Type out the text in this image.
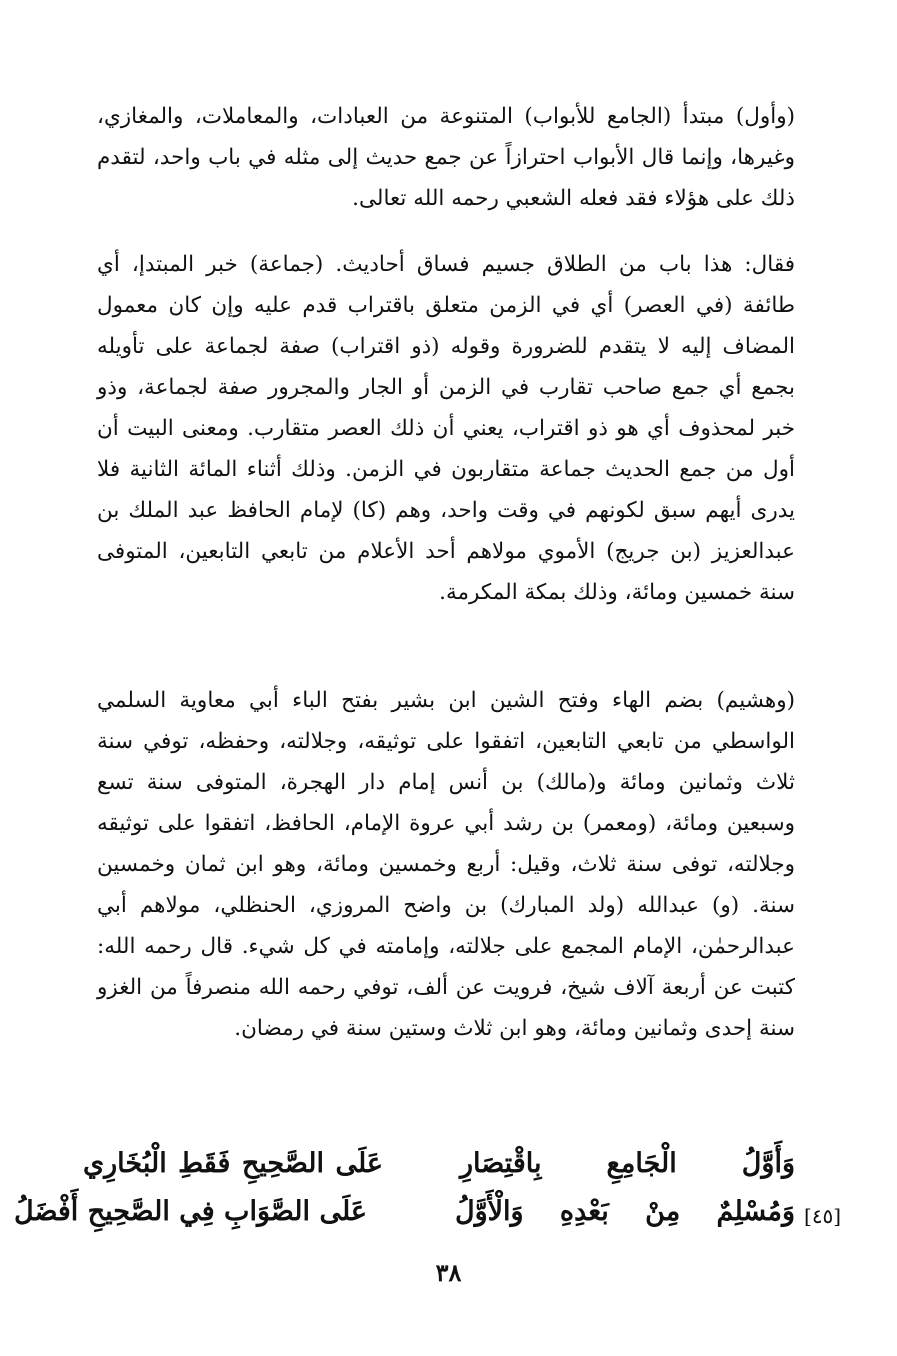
(وأول) مبتدأ (الجامع للأبواب) المتنوعة من العبادات، والمعاملات، والمغازي، وغيرها، وإنما قال الأبواب احترازاً عن جمع حديث إلى مثله في باب واحد، لتقدم ذلك على هؤلاء فقد فعله الشعبي رحمه الله تعالى.

فقال: هذا باب من الطلاق جسيم فساق أحاديث. (جماعة) خبر المبتدإ، أي طائفة (في العصر) أي في الزمن متعلق باقتراب قدم عليه وإن كان معمول المضاف إليه لا يتقدم للضرورة وقوله (ذو اقتراب) صفة لجماعة على تأويله بجمع أي جمع صاحب تقارب في الزمن أو الجار والمجرور صفة لجماعة، وذو خبر لمحذوف أي هو ذو اقتراب، يعني أن ذلك العصر متقارب. ومعنى البيت أن أول من جمع الحديث جماعة متقاربون في الزمن. وذلك أثناء المائة الثانية فلا يدرى أيهم سبق لكونهم في وقت واحد، وهم (كا) لإمام الحافظ عبد الملك بن عبدالعزيز (بن جريج) الأموي مولاهم أحد الأعلام من تابعي التابعين، المتوفى سنة خمسين ومائة، وذلك بمكة المكرمة.

(وهشيم) بضم الهاء وفتح الشين ابن بشير بفتح الباء أبي معاوية السلمي الواسطي من تابعي التابعين، اتفقوا على توثيقه، وجلالته، وحفظه، توفي سنة ثلاث وثمانين ومائة و(مالك) بن أنس إمام دار الهجرة، المتوفى سنة تسع وسبعين ومائة، (ومعمر) بن رشد أبي عروة الإمام، الحافظ، اتفقوا على توثيقه وجلالته، توفى سنة ثلاث، وقيل: أربع وخمسين ومائة، وهو ابن ثمان وخمسين سنة. (و) عبدالله (ولد المبارك) بن واضح المروزي، الحنظلي، مولاهم أبي عبدالرحمٰن، الإمام المجمع على جلالته، وإمامته في كل شيء. قال رحمه الله: كتبت عن أربعة آلاف شيخ، فرويت عن ألف، توفي رحمه الله منصرفاً من الغزو سنة إحدى وثمانين ومائة، وهو ابن ثلاث وستين سنة في رمضان.

وَأَوَّلُ الْجَامِعِ بِاقْتِصَارِ
عَلَى الصَّحِيحِ فَقَطِ الْبُخَارِي
وَمُسْلِمٌ مِنْ بَعْدِهِ وَالْأَوَّلُ
عَلَى الصَّوَابِ فِي الصَّحِيحِ أَفْضَلُ	[٤٥]
٣٨
